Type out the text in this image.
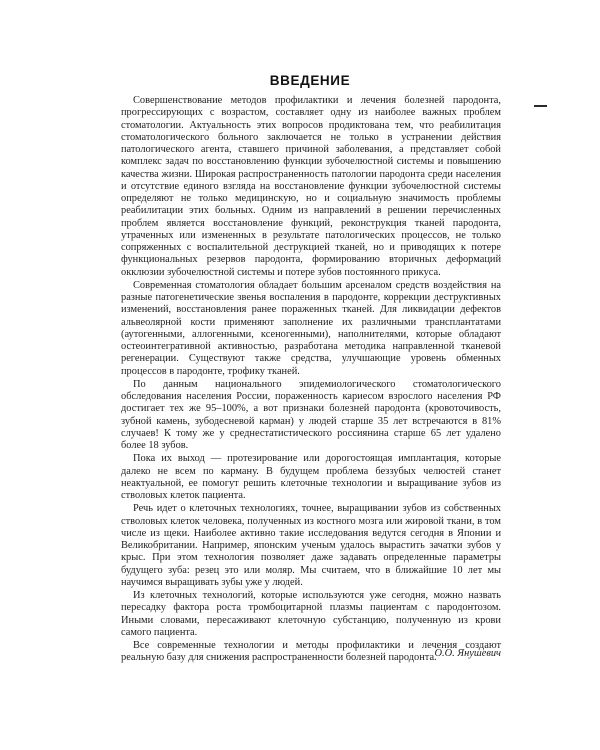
ВВЕДЕНИЕ

Совершенствование методов профилактики и лечения болезней пародонта, прогрессирующих с возрастом, составляет одну из наиболее важных проблем стоматологии. Актуальность этих вопросов продиктована тем, что реабилитация стоматологического больного заключается не только в устранении действия патологического агента, ставшего причиной заболевания, а представляет собой комплекс задач по восстановлению функции зубочелюстной системы и повышению качества жизни. Широкая распространенность патологии пародонта среди населения и отсутствие единого взгляда на восстановление функции зубочелюстной системы определяют не только медицинскую, но и социальную значимость проблемы реабилитации этих больных. Одним из направлений в решении перечисленных проблем является восстановление функций, реконструкция тканей пародонта, утраченных или измененных в результате патологических процессов, не только сопряженных с воспалительной деструкцией тканей, но и приводящих к потере функциональных резервов пародонта, формированию вторичных деформаций окклюзии зубочелюстной системы и потере зубов постоянного прикуса.

Современная стоматология обладает большим арсеналом средств воздействия на разные патогенетические звенья воспаления в пародонте, коррекции деструктивных изменений, восстановления ранее пораженных тканей. Для ликвидации дефектов альвеолярной кости применяют заполнение их различными трансплантатами (аутогенными, аллогенными, ксеногенными), наполнителями, которые обладают остеоинтегративной активностью, разработана методика направленной тканевой регенерации. Существуют также средства, улучшающие уровень обменных процессов в пародонте, трофику тканей.

По данным национального эпидемиологического стоматологического обследования населения России, пораженность кариесом взрослого населения РФ достигает тех же 95–100%, а вот признаки болезней пародонта (кровоточивость, зубной камень, зубодесневой карман) у людей старше 35 лет встречаются в 81% случаев! К тому же у среднестатистического россиянина старше 65 лет удалено более 18 зубов.

Пока их выход — протезирование или дорогостоящая имплантация, которые далеко не всем по карману. В будущем проблема беззубых челюстей станет неактуальной, ее помогут решить клеточные технологии и выращивание зубов из стволовых клеток пациента.

Речь идет о клеточных технологиях, точнее, выращивании зубов из собственных стволовых клеток человека, полученных из костного мозга или жировой ткани, в том числе из щеки. Наиболее активно такие исследования ведутся сегодня в Японии и Великобритании. Например, японским ученым удалось вырастить зачатки зубов у крыс. При этом технология позволяет даже задавать определенные параметры будущего зуба: резец это или моляр. Мы считаем, что в ближайшие 10 лет мы научимся выращивать зубы уже у людей.

Из клеточных технологий, которые используются уже сегодня, можно назвать пересадку фактора роста тромбоцитарной плазмы пациентам с пародонтозом. Иными словами, пересаживают клеточную субстанцию, полученную из крови самого пациента.

Все современные технологии и методы профилактики и лечения создают реальную базу для снижения распространенности болезней пародонта.

О.О. Янушевич
